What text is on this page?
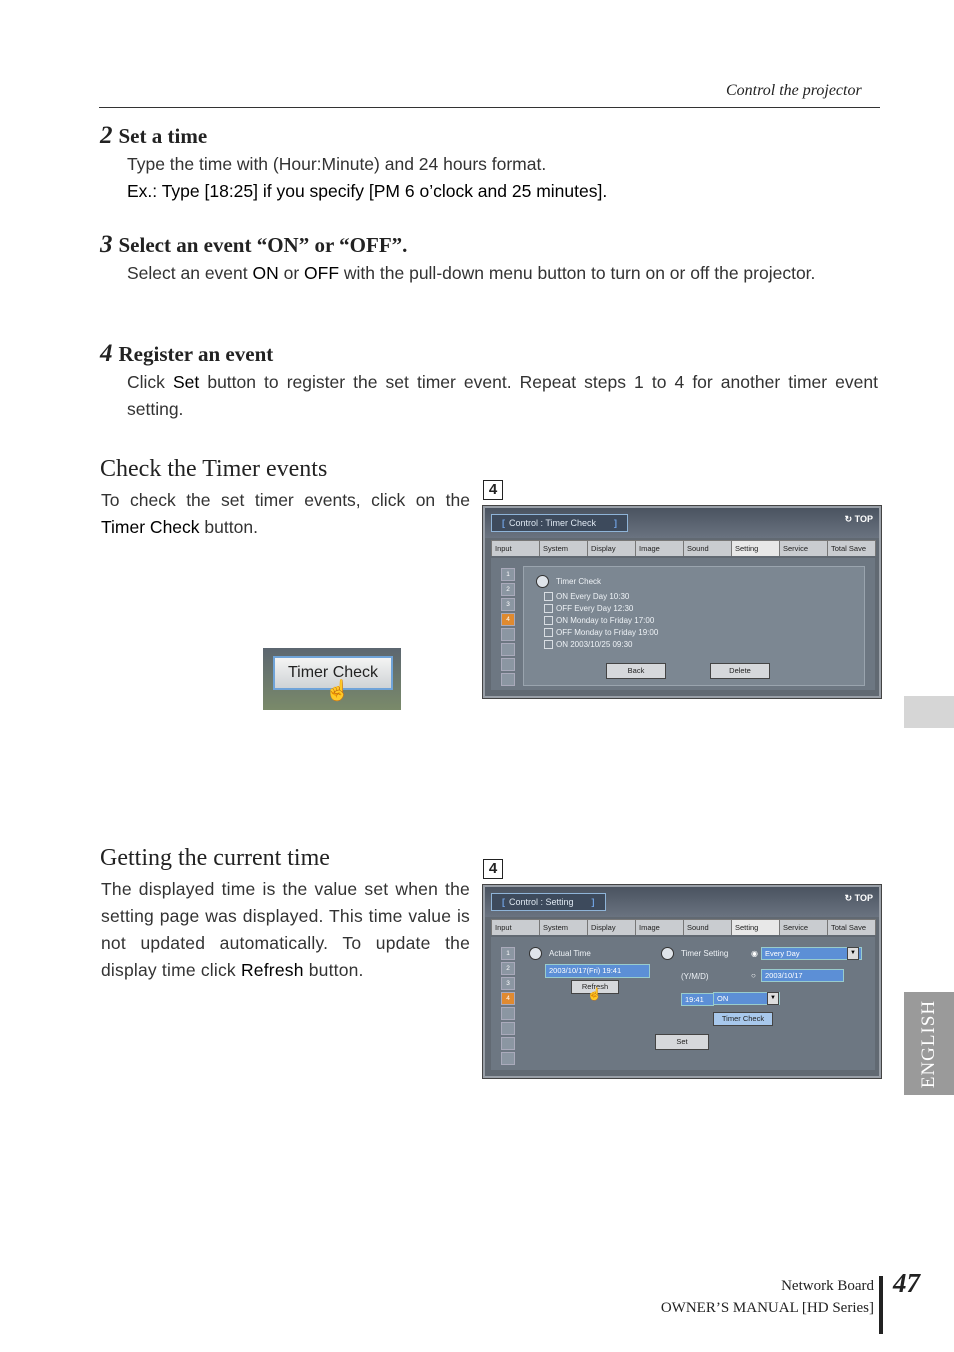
Control the projector
2 Set a time
Type the time with (Hour:Minute) and 24 hours format.
Ex.: Type [18:25] if you specify [PM 6 o’clock and 25 minutes].
3 Select an event “ON” or “OFF”.
Select an event ON or OFF with the pull-down menu button to turn on or off the projector.
4 Register an event
Click Set button to register the set timer event. Repeat steps 1 to 4 for another timer event setting.
Check the Timer events
To check the set timer events, click on the Timer Check button.
Timer Check
☝
4
[ Control : Timer Check ]	↻ TOP
Input	System	Display	Image	Sound	Setting	Service	Total Save
1
2
3
4
Timer Check
ON Every Day 10:30
OFF Every Day 12:30
ON Monday to Friday 17:00
OFF Monday to Friday 19:00
ON 2003/10/25 09:30
Back	Delete
Getting the current time
The displayed time is the value set when the setting page was displayed. This time value is not updated automatically. To update the display time click Refresh button.
4
[ Control : Setting ]	↻ TOP
Input	System	Display	Image	Sound	Setting	Service	Total Save
1
2
3
4
Actual Time
2003/10/17(Fri) 19:41
Refresh
☝
Timer Setting	◉ Every Day	▼
(Y/M/D)	○	2003/10/17
19:41	ON	▼
Timer Check
Set	ENGLISH
Network Board
OWNER’S MANUAL [HD Series]
47
